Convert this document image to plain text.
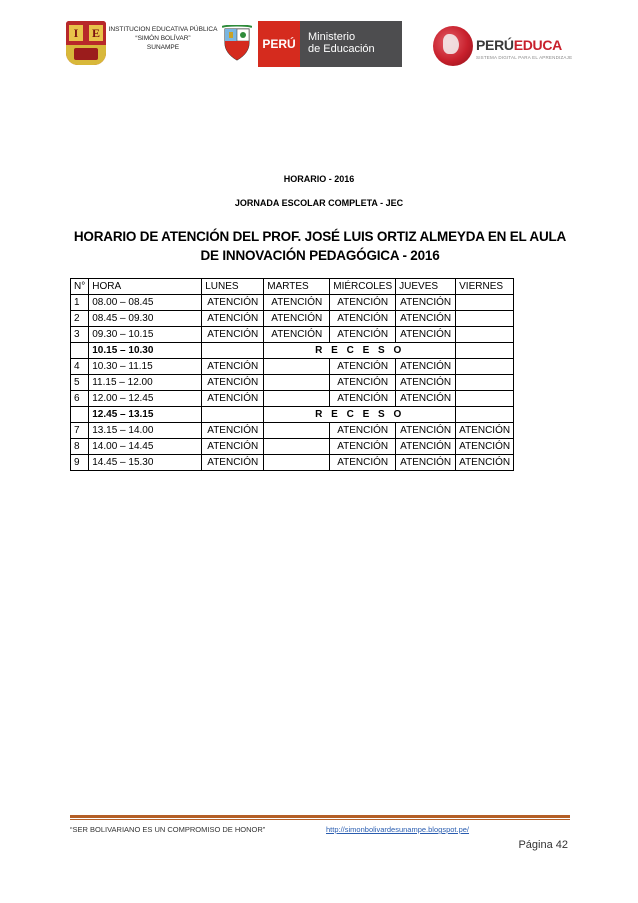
I	E	INSTITUCION EDUCATIVA PÚBLICA
“SIMÓN BOLÍVAR”
SUNAMPE	PERÚ	Ministerio
de Educación	PERÚEDUCA
SISTEMA DIGITAL PARA EL APRENDIZAJE
HORARIO - 2016
JORNADA ESCOLAR COMPLETA - JEC
HORARIO DE ATENCIÓN DEL PROF. JOSÉ LUIS ORTIZ ALMEYDA EN EL AULA DE INNOVACIÓN PEDAGÓGICA - 2016
N°	HORA	LUNES	MARTES	MIÉRCOLES	JUEVES	VIERNES
1	08.00 – 08.45	ATENCIÓN	ATENCIÓN	ATENCIÓN	ATENCIÓN	
2	08.45 – 09.30	ATENCIÓN	ATENCIÓN	ATENCIÓN	ATENCIÓN	
3	09.30 – 10.15	ATENCIÓN	ATENCIÓN	ATENCIÓN	ATENCIÓN	
	10.15 – 10.30		R E C E S O			
4	10.30 – 11.15	ATENCIÓN		ATENCIÓN	ATENCIÓN	
5	11.15 – 12.00	ATENCIÓN		ATENCIÓN	ATENCIÓN	
6	12.00 – 12.45	ATENCIÓN		ATENCIÓN	ATENCIÓN	
	12.45 – 13.15		R E C E S O			
7	13.15 – 14.00	ATENCIÓN		ATENCIÓN	ATENCIÓN	ATENCIÓN
8	14.00 – 14.45	ATENCIÓN		ATENCIÓN	ATENCIÓN	ATENCIÓN
9	14.45 – 15.30	ATENCIÓN		ATENCIÓN	ATENCIÓN	ATENCIÓN
“SER BOLIVARIANO ES UN COMPROMISO DE HONOR”	http://simonbolivardesunampe.blogspot.pe/
Página 42
